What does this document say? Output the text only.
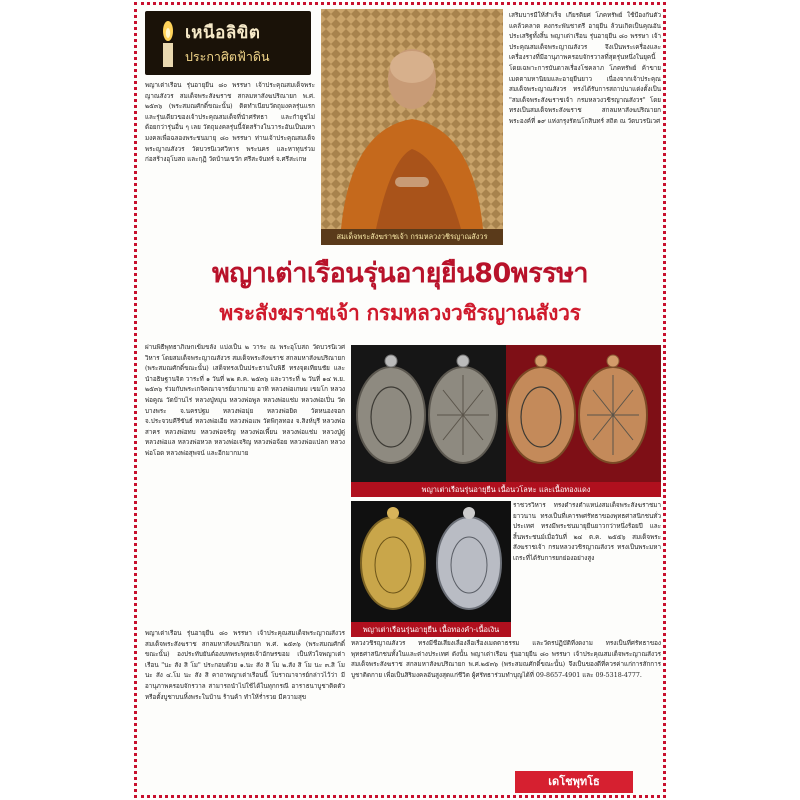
เหนือลิขิต
ประกาศิตฟ้าดิน
พญาเต่าเรือน รุ่นอายุยืน ๘๐ พรรษา เจ้าประคุณสมเด็จพระญาณสังวร สมเด็จพระสังฆราช สกลมหาสังฆปริณายก พ.ศ. ๒๕๓๖ (พระสมณศักดิ์ขณะนั้น) ติดทำเนียบวัตถุมงคลรุ่นแรกและรุ่นเดียวของเจ้าประคุณสมเด็จที่นำศรัทธา และกำยูชไม่ด้อยกว่ารุ่นอื่น ๆ เลย วัตถุมงคลรุ่นนี้จัดสร้างในวาระอันเป็นมหามงคลเพื่อฉลองพระชนมายุ ๘๐ พรรษา ท่านเจ้าประคุณสมเด็จพระญาณสังวร วัดบวรนิเวศวิหาร พระนคร และหาทุนร่วมก่อสร้างอุโบสถ และกุฏิ วัดบ้านเขวัก ศรีสะจันทร์ จ.ศรีสะเกษ
สมเด็จพระสังฆราชเจ้า กรมหลวงวชิรญาณสังวร
เสริมบารมีให้สำเร็จ เกียรติยศ โภคทรัพย์ ใช้ป้องกันตัว แคล้วคลาด คงกระพันชาตรี อายุยืน ล้วนเกิดเป็นคุณอันประเสริฐทั้งสิ้น พญาเต่าเรือน รุ่นอายุยืน ๘๐ พรรษา เจ้าประคุณสมเด็จพระญาณสังวร จึงเป็นพระเครื่องและเครื่องรางที่มีอานุภาพครอบจักรวาลที่สุดรุ่นหนึ่งในยุคนี้ โดยเฉพาะการบันดาลเรื่องโชคลาภ โภคทรัพย์ ค้าขาย เมตตามหานิยมและอายุยืนยาว เนื่องจากเจ้าประคุณสมเด็จพระญาณสังวร ทรงได้รับการสถาปนาแต่งตั้งเป็น "สมเด็จพระสังฆราชเจ้า กรมหลวงวชิรญาณสังวร" โดยทรงเป็นสมเด็จพระสังฆราช สกลมหาสังฆปริณายก พระองค์ที่ ๑๙ แห่งกรุงรัตนโกสินทร์ สถิต ณ วัดบวรนิเวศ
พญาเต่าเรือนรุ่นอายุยืน80พรรษา
พระสังฆราชเจ้า กรมหลวงวชิรญาณสังวร
ผ่านพิธีพุทธาภิเษกเข้มขลัง แบ่งเป็น ๒ วาระ ณ พระอุโบสถ วัดบวรนิเวศวิหาร โดยสมเด็จพระญาณสังวร สมเด็จพระสังฆราช สกลมหาสังฆปริณายก (พระสมณศักดิ์ขณะนั้น) เสด็จทรงเป็นประธานในพิธี ทรงจุดเทียนชัย และนำอธิษฐานจิต วาระที่ ๑ วันที่ ๒๒ ต.ค. ๒๕๓๖ และวาระที่ ๒ วันที่ ๑๔ พ.ย. ๒๕๓๖ ร่วมกับพระเกจิคณาจารย์มากมาย อาทิ หลวงพ่อเกษม เขมโก หลวงพ่อคูณ วัดบ้านไร่ หลวงปู่หมุน หลวงพ่อพูล หลวงพ่อแช่ม หลวงพ่อเปิ่น วัดบางพระ จ.นครปฐม หลวงพ่อมุ่ย หลวงพ่อยิด วัดหนองจอก จ.ประจวบคีรีขันธ์ หลวงพ่อเอีย หลวงพ่อแพ วัดพิกุลทอง จ.สิงห์บุรี หลวงพ่อสาคร หลวงพ่อทบ หลวงพ่อจรัญ หลวงพ่อเพี้ยน หลวงพ่อแช่ม หลวงปู่ดู่ หลวงพ่อแล หลวงพ่อหวล หลวงพ่อเจริญ หลวงพ่อจ้อย หลวงพ่อแปลก หลวงพ่อโอด หลวงพ่อสุพจน์ และอีกมากมาย
พญาเต่าเรือนรุ่นอายุยืน เนื้อนวโลหะ และเนื้อทองแดง
ราชวรวิหาร ทรงดำรงตำแหน่งสมเด็จพระสังฆราชมายาวนาน ทรงเป็นที่เคารพศรัทธาของพุทธศาสนิกชนทั่วประเทศ ทรงมีพระชนมายุยืนยาวกว่าหนึ่งร้อยปี และสิ้นพระชนม์เมื่อวันที่ ๒๔ ต.ค. ๒๕๕๖ สมเด็จพระสังฆราชเจ้า กรมหลวงวชิรญาณสังวร ทรงเป็นพระมหาเถระที่ได้รับการยกย่องอย่างสูง
พญาเต่าเรือนรุ่นอายุยืน เนื้อทองคำ-เนื้อเงิน
พญาเต่าเรือน รุ่นอายุยืน ๘๐ พรรษา เจ้าประคุณสมเด็จพระญาณสังวร สมเด็จพระสังฆราช สกลมหาสังฆปริณายก พ.ศ. ๒๕๓๖ (พระสมณศักดิ์ขณะนั้น) องประทับยันต์องบทพระพุทธเจ้าอักษรขอม เป็นหัวใจพญาเต่าเรือน "นะ สัง สิ โม" ประกอบด้วย ๑.นะ สัง สิ โม ๒.สัง สิ โม นะ ๓.สิ โม นะ สัง ๔.โม นะ สัง สิ คาถาพญาเต่าเรือนนี้ โบราณาจารย์กล่าวไว้ว่า มีอานุภาพครอบจักรวาล สามารถนำไปใช้ได้ในทุกกรณี อาราธนาบูชาติดตัว หรือตั้งบูชาบนหิ้งพระในบ้าน ร้านค้า ทำให้ร่ำรวย มีความสุข
หลวงวชิรญาณสังวร ทรงมีชื่อเสียงเลื่องลือเรื่องเมตตาธรรม และวัตรปฏิบัติที่งดงาม ทรงเป็นที่ศรัทธาของพุทธศาสนิกชนทั้งในและต่างประเทศ ดังนั้น พญาเต่าเรือน รุ่นอายุยืน ๘๐ พรรษา เจ้าประคุณสมเด็จพระญาณสังวร สมเด็จพระสังฆราช สกลมหาสังฆปริณายก พ.ศ.๒๕๓๖ (พระสมณศักดิ์ขณะนั้น) จึงเป็นของดีที่ควรค่าแก่การสักการบูชาติดกาย เพื่อเป็นสิริมงคลอันสูงสุดแก่ชีวิต ผู้ศรัทธาร่วมทำบุญได้ที่ 09-8657-4901 และ 09-5318-4777.
เดโชพุทโธ
